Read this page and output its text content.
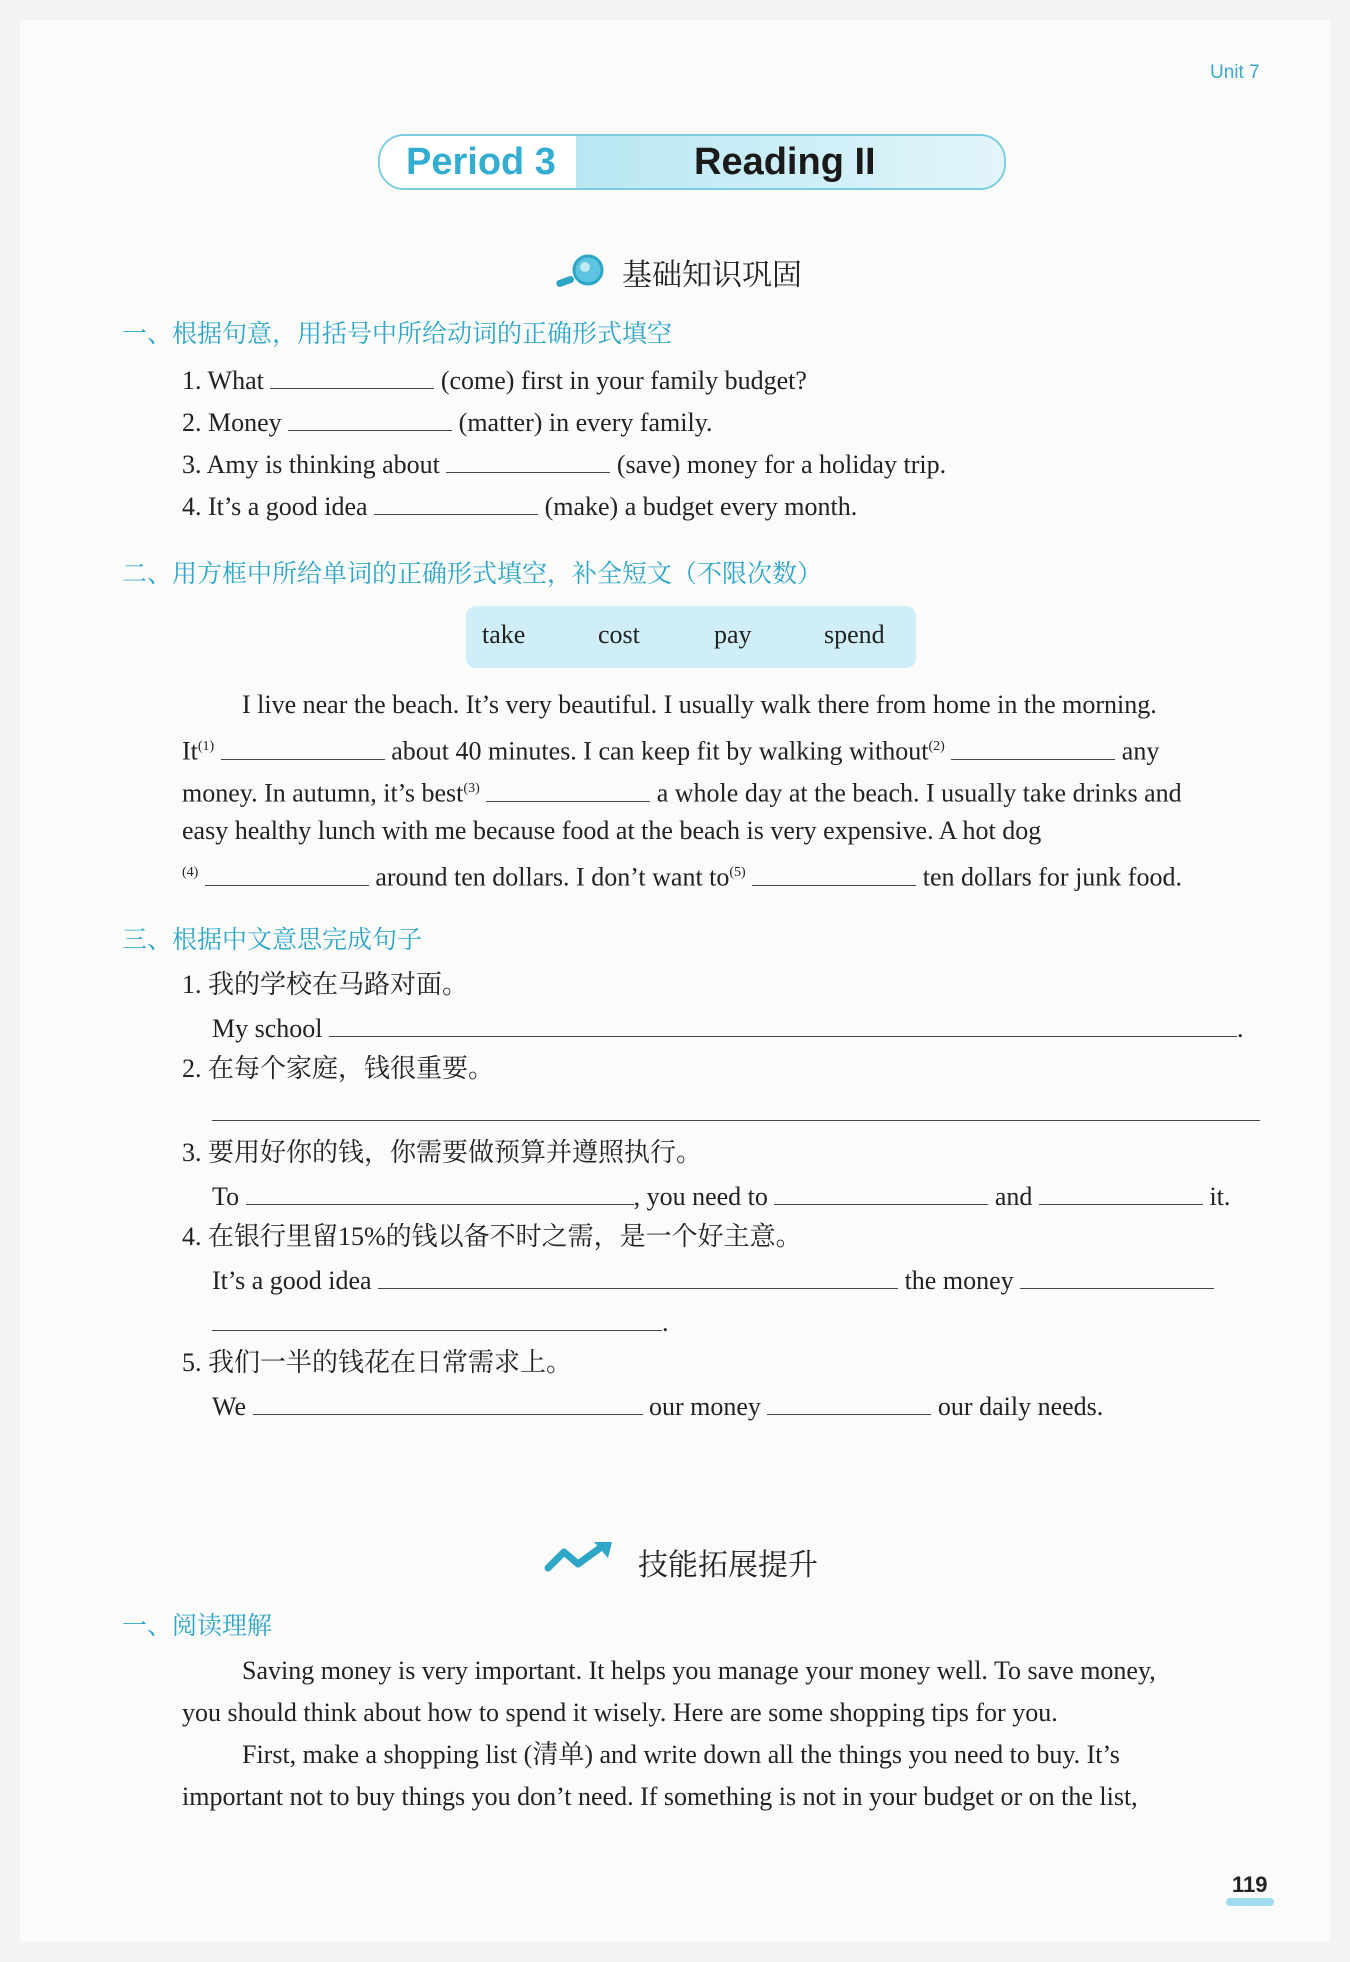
Unit 7
Period 3	Reading II
基础知识巩固
一、根据句意，用括号中所给动词的正确形式填空
1. What	(come) first in your family budget?
2. Money	(matter) in every family.
3. Amy is thinking about	(save) money for a holiday trip.
4. It’s a good idea	(make) a budget every month.
二、用方框中所给单词的正确形式填空，补全短文（不限次数）
take	cost	pay	spend
I live near the beach. It’s very beautiful. I usually walk there from home in the morning.
It$^{(1)}$	about 40 minutes. I can keep fit by walking without$^{(2)}$	any
money. In autumn, it’s best$^{(3)}$	a whole day at the beach. I usually take drinks and
easy healthy lunch with me because food at the beach is very expensive. A hot dog
$^{(4)}$	around ten dollars. I don’t want $to^{(5)}$	ten dollars for junk food.
三、根据中文意思完成句子
1. 我的学校在马路对面。
My school	.
2. 在每个家庭，钱很重要。
3. 要用好你的钱，你需要做预算并遵照执行。
To	, you need to	and	it.
4. 在银行里留15%的钱以备不时之需，是一个好主意。
It’s a good idea	the money
.
5. 我们一半的钱花在日常需求上。
We	our money	our daily needs.
技能拓展提升
一、阅读理解
Saving money is very important. It helps you manage your money well. To save money,
you should think about how to spend it wisely. Here are some shopping tips for you.
First, make a shopping list (清单) and write down all the things you need to buy. It’s
important not to buy things you don’t need. If something is not in your budget or on the list,
119
